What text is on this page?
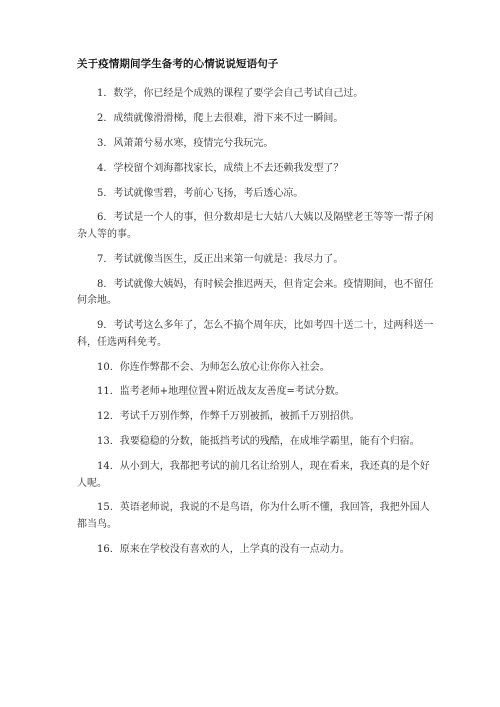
关于疫情期间学生备考的心情说说短语句子
1．数学，你已经是个成熟的课程了要学会自己考试自己过。
2．成绩就像滑滑梯，爬上去很难，滑下来不过一瞬间。
3．风萧萧兮易水寒，疫情完兮我玩完。
4．学校留个刘海都找家长，成绩上不去还赖我发型了？
5．考试就像雪碧，考前心飞扬，考后透心凉。
6．考试是一个人的事，但分数却是七大姑八大姨以及隔壁老王等等一帮子闲杂人等的事。
7．考试就像当医生，反正出来第一句就是：我尽力了。
8．考试就像大姨妈，有时候会推迟两天，但肯定会来。疫情期间，也不留任何余地。
9．考试考这么多年了，怎么不搞个周年庆，比如考四十送二十，过两科送一科，任选两科免考。
10．你连作弊都不会、为师怎么放心让你你入社会。
11．监考老师+地理位置+附近战友友善度=考试分数。
12．考试千万别作弊，作弊千万别被抓，被抓千万别招供。
13．我要稳稳的分数，能抵挡考试的残酷，在成堆学霸里，能有个归宿。
14．从小到大，我都把考试的前几名让给别人，现在看来，我还真的是个好人呢。
15．英语老师说，我说的不是鸟语，你为什么听不懂，我回答，我把外国人都当鸟。
16．原来在学校没有喜欢的人，上学真的没有一点动力。
